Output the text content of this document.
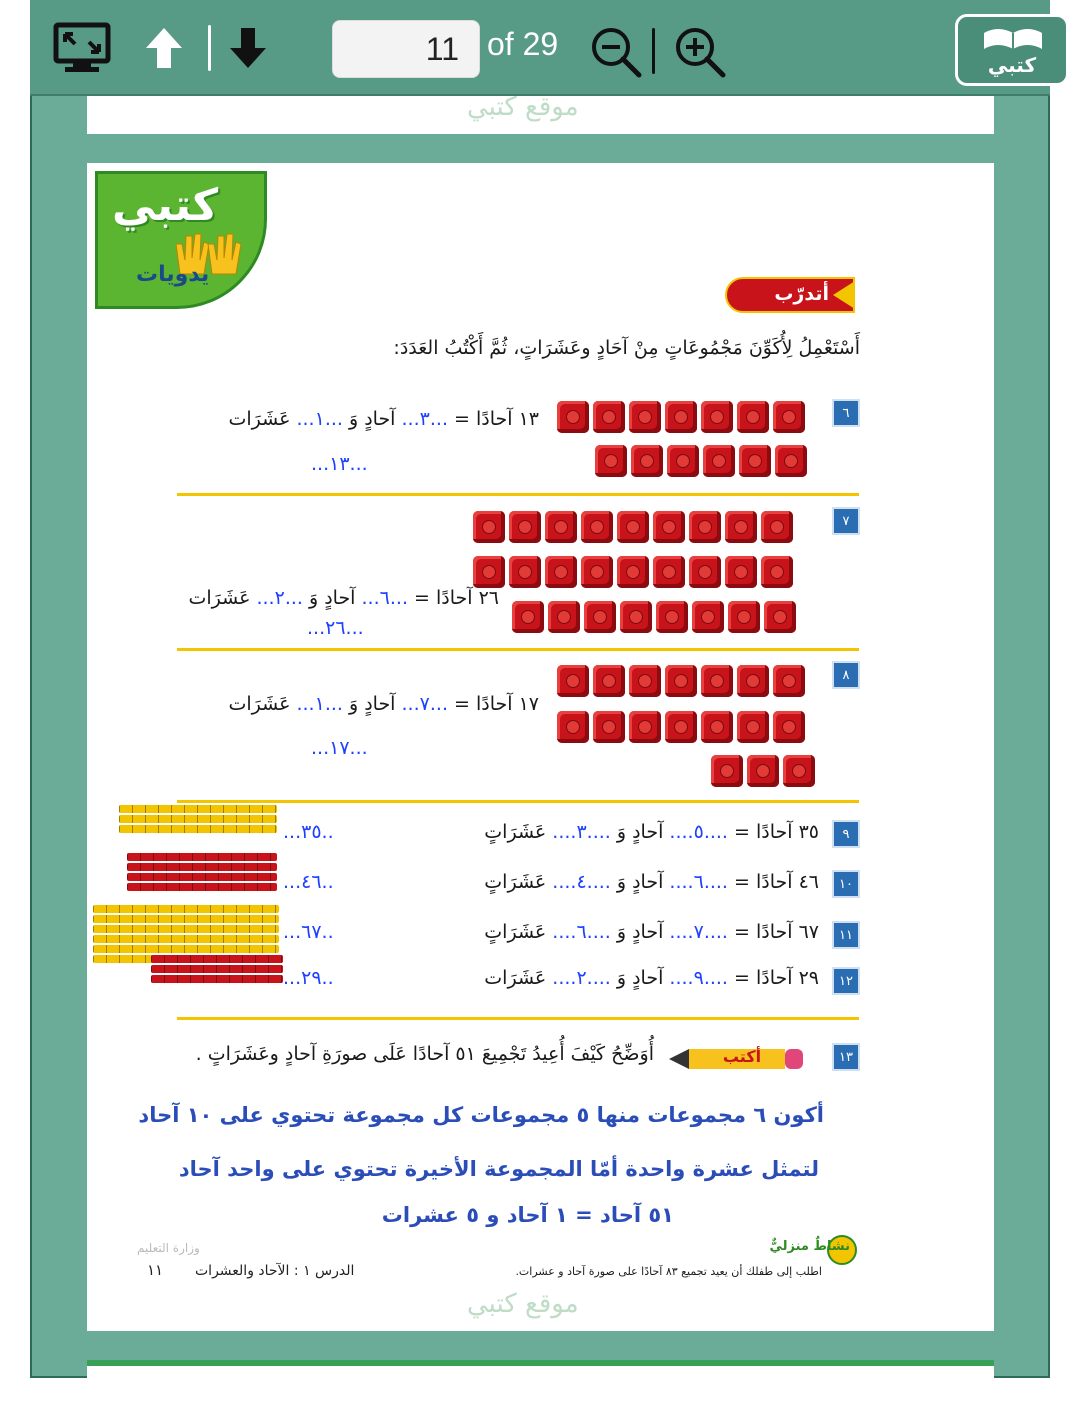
11 of 29
كتبي
موقع كتبي
كتبي
يدويات
أتدرّب
أَسْتَعْمِلُ لِأُكَوِّنَ مَجْمُوعَاتٍ مِنْ آحَادٍ وعَشَرَاتٍ، ثُمَّ أَكْتُبُ العَدَدَ:
٦
١٣ آحادًا = ...٣... آحادٍ وَ ...١... عَشَرَات
...١٣...
٧
٢٦ آحادًا = ...٦... آحادٍ وَ ...٢... عَشَرَات
...٢٦...
٨
١٧ آحادًا = ...٧... آحادٍ وَ ...١... عَشَرَات
...١٧...
٩
٣٥ آحادًا = ....٥.... آحادٍ وَ ....٣.... عَشَرَاتٍ
..٣٥...
١٠
٤٦ آحادًا = ....٦.... آحادٍ وَ ....٤.... عَشَرَاتٍ
..٤٦...
١١
٦٧ آحادًا = ....٧.... آحادٍ وَ ....٦.... عَشَرَاتٍ
..٦٧...
١٢
٢٩ آحادًا = ....٩.... آحادٍ وَ ....٢.... عَشَرَات
..٢٩...
١٣
أكتب
أُوَضِّحُ كَيْفَ أُعِيدُ تَجْمِيعَ ٥١ آحادًا عَلَى صورَةِ آحادٍ وعَشَرَاتٍ .
أكون ٦ مجموعات منها ٥ مجموعات كل مجموعة تحتوي على ١٠ آحاد
لتمثل عشرة واحدة أمّا المجموعة الأخيرة تحتوي على واحد آحاد
٥١ آحاد = ١ آحاد و ٥ عشرات
نشاطٌ منزليٌّ
اطلب إلى طفلك أن يعيد تجميع ٨٣ آحادًا على صورة آحاد و عشرات.
وزارة التعليم
الدرس ١ : الآحاد والعشرات
١١
موقع كتبي
